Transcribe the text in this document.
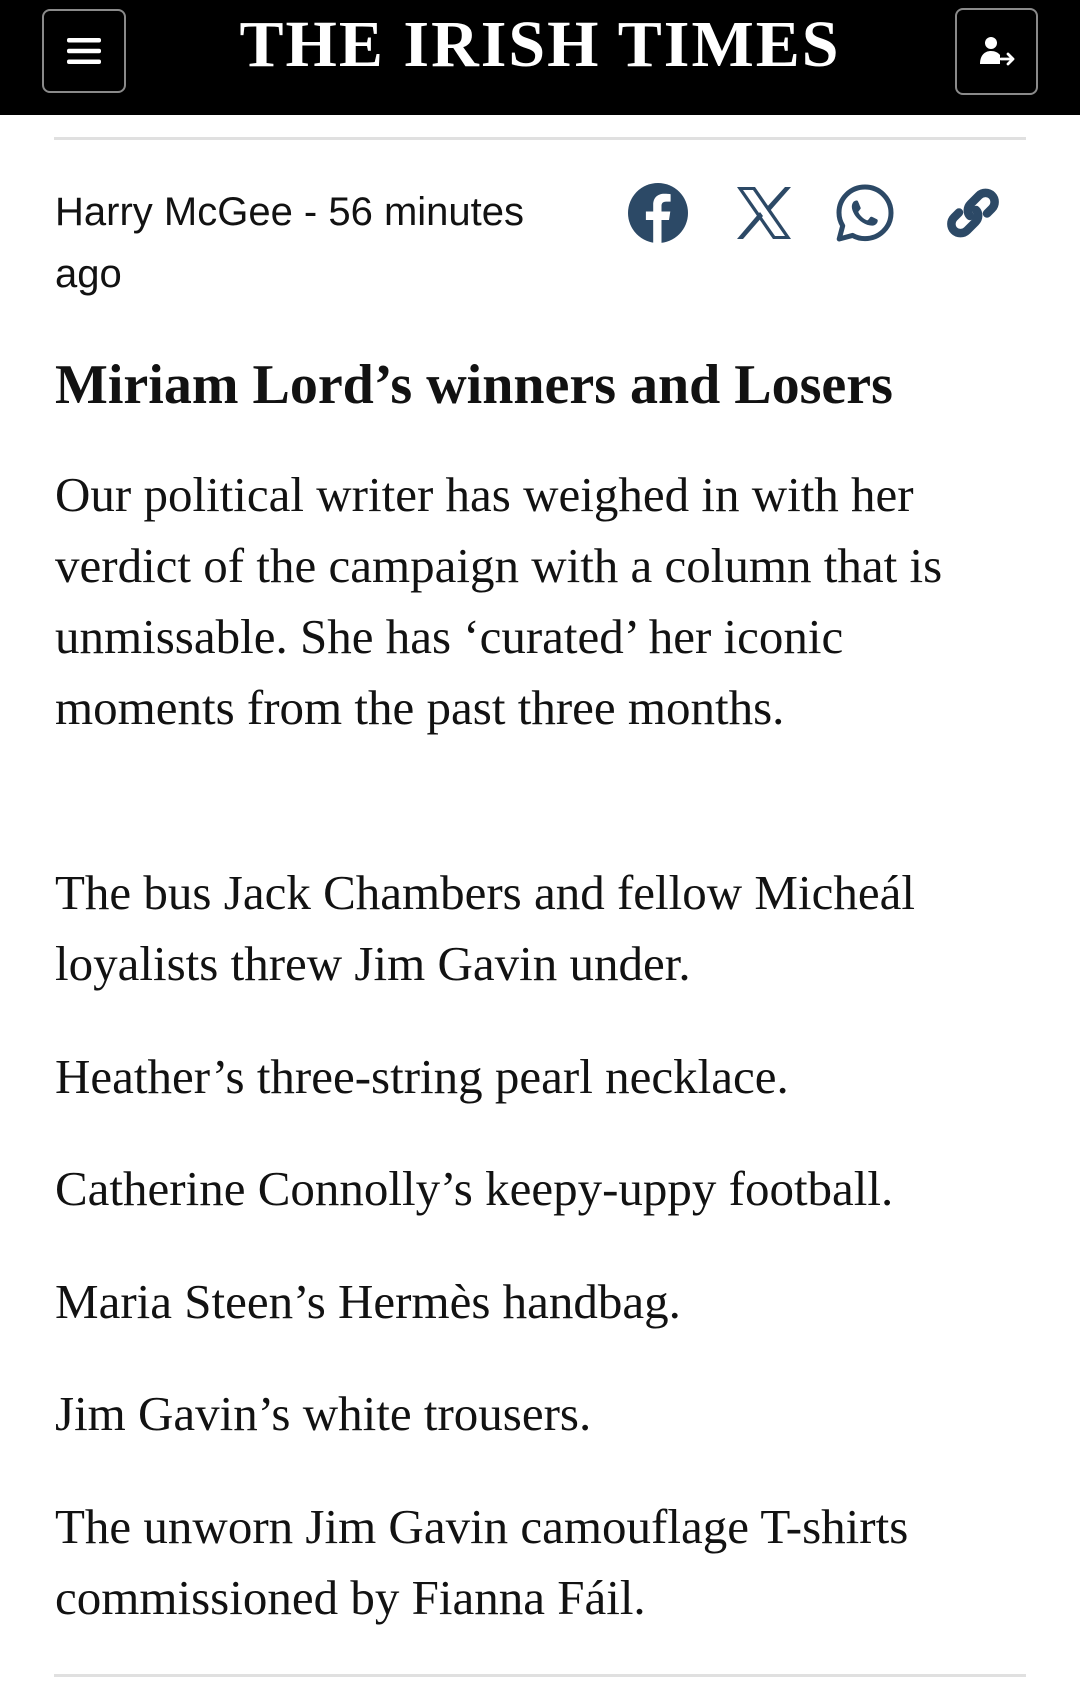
THE IRISH TIMES
Harry McGee - 56 minutes ago
Miriam Lord’s winners and Losers

Our political writer has weighed in with her verdict of the campaign with a column that is unmissable. She has ‘curated’ her iconic moments from the past three months.

The bus Jack Chambers and fellow Micheál loyalists threw Jim Gavin under.

Heather’s three-string pearl necklace.

Catherine Connolly’s keepy-uppy football.

Maria Steen’s Hermès handbag.

Jim Gavin’s white trousers.

The unworn Jim Gavin camouflage T-shirts commissioned by Fianna Fáil.
